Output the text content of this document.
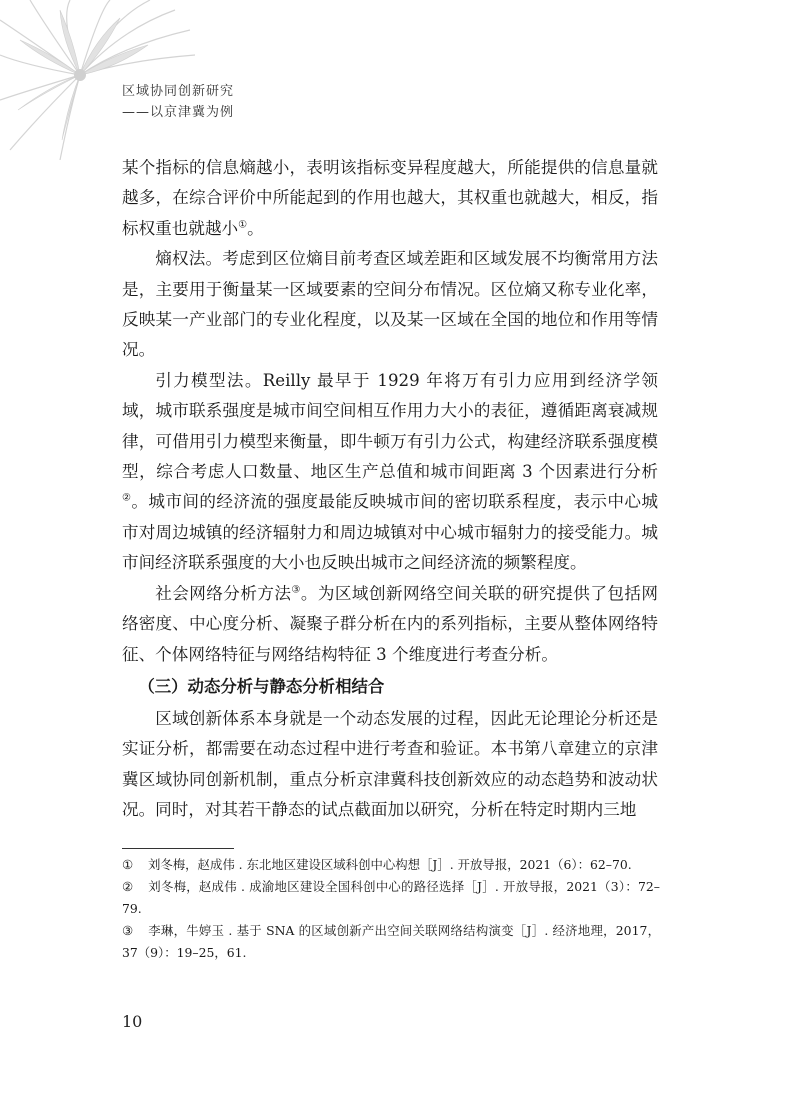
区域协同创新研究
——以京津冀为例

某个指标的信息熵越小，表明该指标变异程度越大，所能提供的信息量就越多，在综合评价中所能起到的作用也越大，其权重也就越大，相反，指标权重也就越小①。

熵权法。考虑到区位熵目前考查区域差距和区域发展不均衡常用方法是，主要用于衡量某一区域要素的空间分布情况。区位熵又称专业化率，反映某一产业部门的专业化程度，以及某一区域在全国的地位和作用等情况。

引力模型法。Reilly 最早于 1929 年将万有引力应用到经济学领域，城市联系强度是城市间空间相互作用力大小的表征，遵循距离衰减规律，可借用引力模型来衡量，即牛顿万有引力公式，构建经济联系强度模型，综合考虑人口数量、地区生产总值和城市间距离 3 个因素进行分析②。城市间的经济流的强度最能反映城市间的密切联系程度，表示中心城市对周边城镇的经济辐射力和周边城镇对中心城市辐射力的接受能力。城市间经济联系强度的大小也反映出城市之间经济流的频繁程度。

社会网络分析方法③。为区域创新网络空间关联的研究提供了包括网络密度、中心度分析、凝聚子群分析在内的系列指标，主要从整体网络特征、个体网络特征与网络结构特征 3 个维度进行考查分析。

（三）动态分析与静态分析相结合

区域创新体系本身就是一个动态发展的过程，因此无论理论分析还是实证分析，都需要在动态过程中进行考查和验证。本书第八章建立的京津冀区域协同创新机制，重点分析京津冀科技创新效应的动态趋势和波动状况。同时，对其若干静态的试点截面加以研究，分析在特定时期内三地

① 刘冬梅，赵成伟 . 东北地区建设区域科创中心构想［J］. 开放导报，2021（6）：62–70.
② 刘冬梅，赵成伟 . 成渝地区建设全国科创中心的路径选择［J］. 开放导报，2021（3）：72–79.
③ 李琳，牛婷玉 . 基于 SNA 的区域创新产出空间关联网络结构演变［J］. 经济地理，2017，37（9）：19–25，61.
10
